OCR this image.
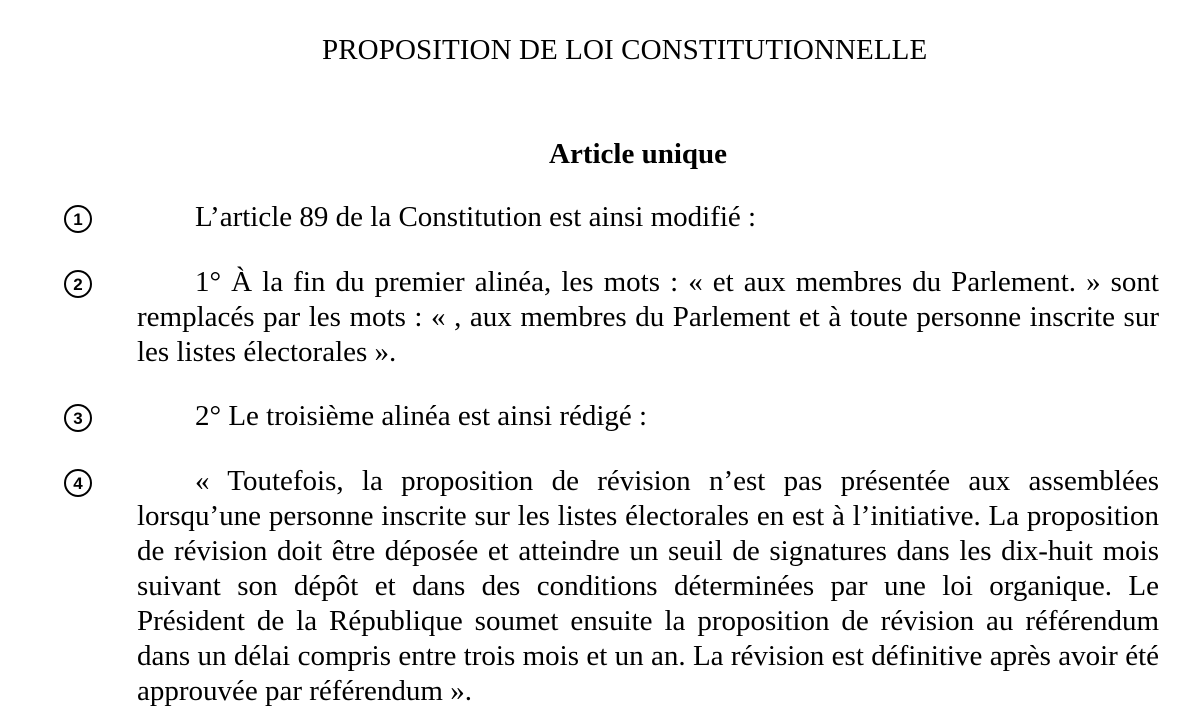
PROPOSITION DE LOI CONSTITUTIONNELLE
Article unique
1	L’article 89 de la Constitution est ainsi modifié :

2	1° À la fin du premier alinéa, les mots : « et aux membres du Parlement. » sont remplacés par les mots : « , aux membres du Parlement et à toute personne inscrite sur les listes électorales ».

3	2° Le troisième alinéa est ainsi rédigé :

4	« Toutefois, la proposition de révision n’est pas présentée aux assemblées lorsqu’une personne inscrite sur les listes électorales en est à l’initiative. La proposition de révision doit être déposée et atteindre un seuil de signatures dans les dix-huit mois suivant son dépôt et dans des conditions déterminées par une loi organique. Le Président de la République soumet ensuite la proposition de révision au référendum dans un délai compris entre trois mois et un an. La révision est définitive après avoir été approuvée par référendum ».
